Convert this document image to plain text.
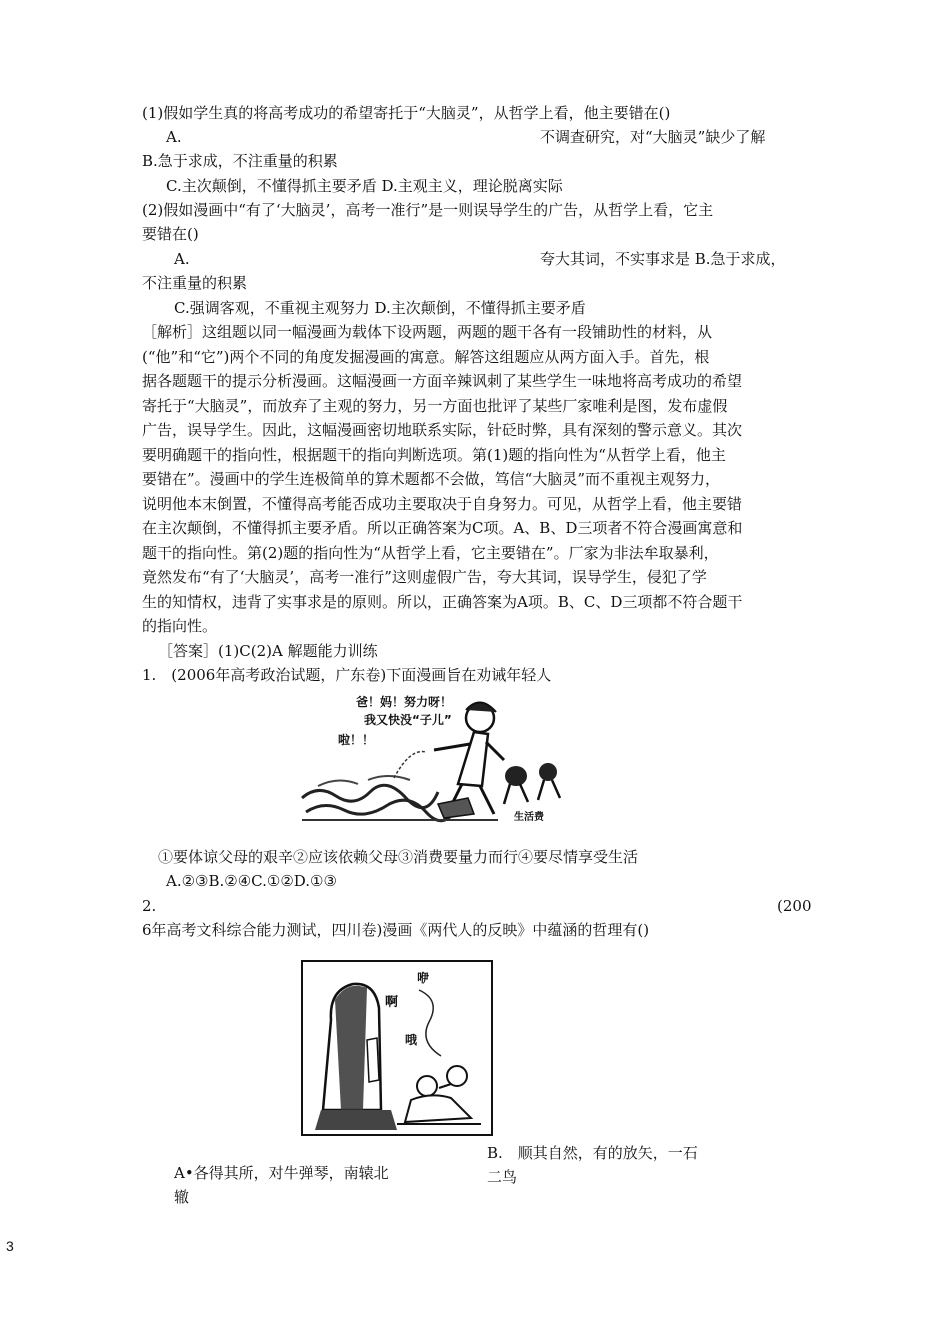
(1)假如学生真的将高考成功的希望寄托于“大脑灵”，从哲学上看，他主要错在()
A.	不调查研究，对“大脑灵”缺少了解
B.急于求成，不注重量的积累
C.主次颠倒，不懂得抓主要矛盾 D.主观主义，理论脱离实际
(2)假如漫画中“有了‘大脑灵’，高考一准行”是一则误导学生的广告，从哲学上看，它主
要错在()
A.	夸大其词，不实事求是 B.急于求成，
不注重量的积累
C.强调客观，不重视主观努力 D.主次颠倒，不懂得抓主要矛盾
［解析］这组题以同一幅漫画为载体下设两题，两题的题干各有一段铺助性的材料，从
(“他”和“它”)两个不同的角度发掘漫画的寓意。解答这组题应从两方面入手。首先，根
据各题题干的提示分析漫画。这幅漫画一方面辛辣讽刺了某些学生一味地将高考成功的希望
寄托于“大脑灵”，而放弃了主观的努力，另一方面也批评了某些厂家唯利是图，发布虚假
广告，误导学生。因此，这幅漫画密切地联系实际，针砭时弊，具有深刻的警示意义。其次
要明确题干的指向性，根据题干的指向判断选项。第(1)题的指向性为“从哲学上看，他主
要错在”。漫画中的学生连极简单的算术题都不会做，笃信“大脑灵”而不重视主观努力，
说明他本末倒置，不懂得高考能否成功主要取决于自身努力。可见，从哲学上看，他主要错
在主次颠倒，不懂得抓主要矛盾。所以正确答案为C项。A、B、D三项者不符合漫画寓意和
题干的指向性。第(2)题的指向性为“从哲学上看，它主要错在”。厂家为非法牟取暴利，
竟然发布“有了‘大脑灵’，高考一准行”这则虚假广告，夸大其词，误导学生，侵犯了学
生的知情权，违背了实事求是的原则。所以，正确答案为A项。B、C、D三项都不符合题干
的指向性。
［答案］(1)C(2)A 解题能力训练
1.　(2006年高考政治试题，广东卷)下面漫画旨在劝诫年轻人
爸！妈！努力呀！
我又快没“子儿”
啦！！
生活费
①要体谅父母的艰辛②应该依赖父母③消费要量力而行④要尽情享受生活
A.②③B.②④C.①②D.①③
2.	(200
6年高考文科综合能力测试，四川卷)漫画《两代人的反映》中蕴涵的哲理有()
啊
咿
哦
B.　顺其自然，有的放矢，一石
二鸟
A•各得其所，对牛弹琴，南辕北
辙
3
